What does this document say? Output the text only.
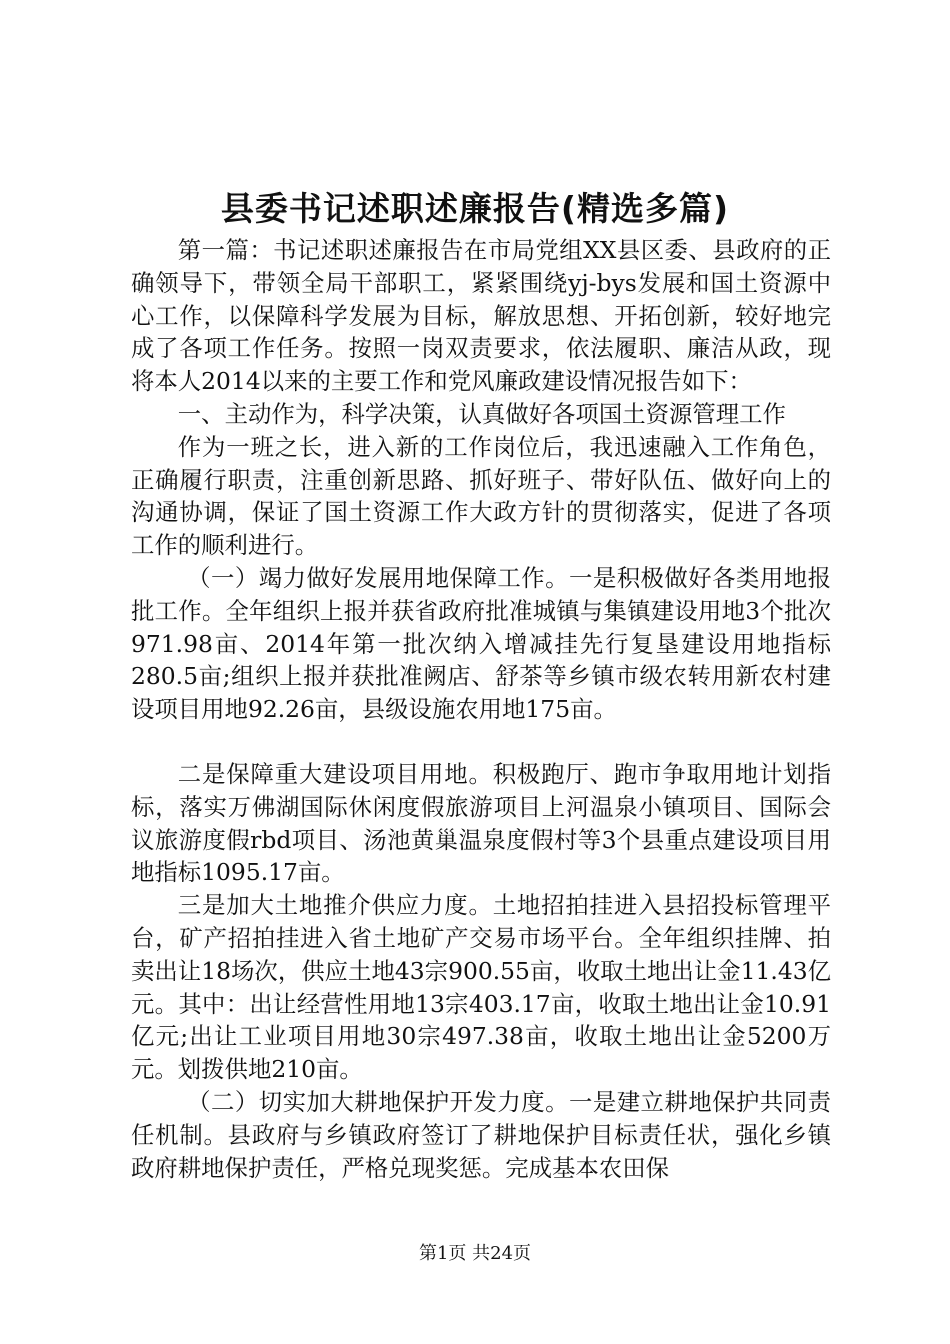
县委书记述职述廉报告(精选多篇)

第一篇：书记述职述廉报告在市局党组XX县区委、县政府的正确领导下，带领全局干部职工，紧紧围绕yj-bys发展和国土资源中心工作，以保障科学发展为目标，解放思想、开拓创新，较好地完成了各项工作任务。按照一岗双责要求，依法履职、廉洁从政，现将本人2014以来的主要工作和党风廉政建设情况报告如下：

一、主动作为，科学决策，认真做好各项国土资源管理工作

作为一班之长，进入新的工作岗位后，我迅速融入工作角色，正确履行职责，注重创新思路、抓好班子、带好队伍、做好向上的沟通协调，保证了国土资源工作大政方针的贯彻落实，促进了各项工作的顺利进行。

（一）竭力做好发展用地保障工作。一是积极做好各类用地报批工作。全年组织上报并获省政府批准城镇与集镇建设用地3个批次971.98亩、2014年第一批次纳入增减挂先行复垦建设用地指标280.5亩;组织上报并获批准阙店、舒茶等乡镇市级农转用新农村建设项目用地92.26亩，县级设施农用地175亩。

二是保障重大建设项目用地。积极跑厅、跑市争取用地计划指标，落实万佛湖国际休闲度假旅游项目上河温泉小镇项目、国际会议旅游度假rbd项目、汤池黄巢温泉度假村等3个县重点建设项目用地指标1095.17亩。

三是加大土地推介供应力度。土地招拍挂进入县招投标管理平台，矿产招拍挂进入省土地矿产交易市场平台。全年组织挂牌、拍卖出让18场次，供应土地43宗900.55亩，收取土地出让金11.43亿元。其中：出让经营性用地13宗403.17亩，收取土地出让金10.91亿元;出让工业项目用地30宗497.38亩，收取土地出让金5200万元。划拨供地210亩。

（二）切实加大耕地保护开发力度。一是建立耕地保护共同责任机制。县政府与乡镇政府签订了耕地保护目标责任状，强化乡镇政府耕地保护责任，严格兑现奖惩。完成基本农田保

第1页 共24页
